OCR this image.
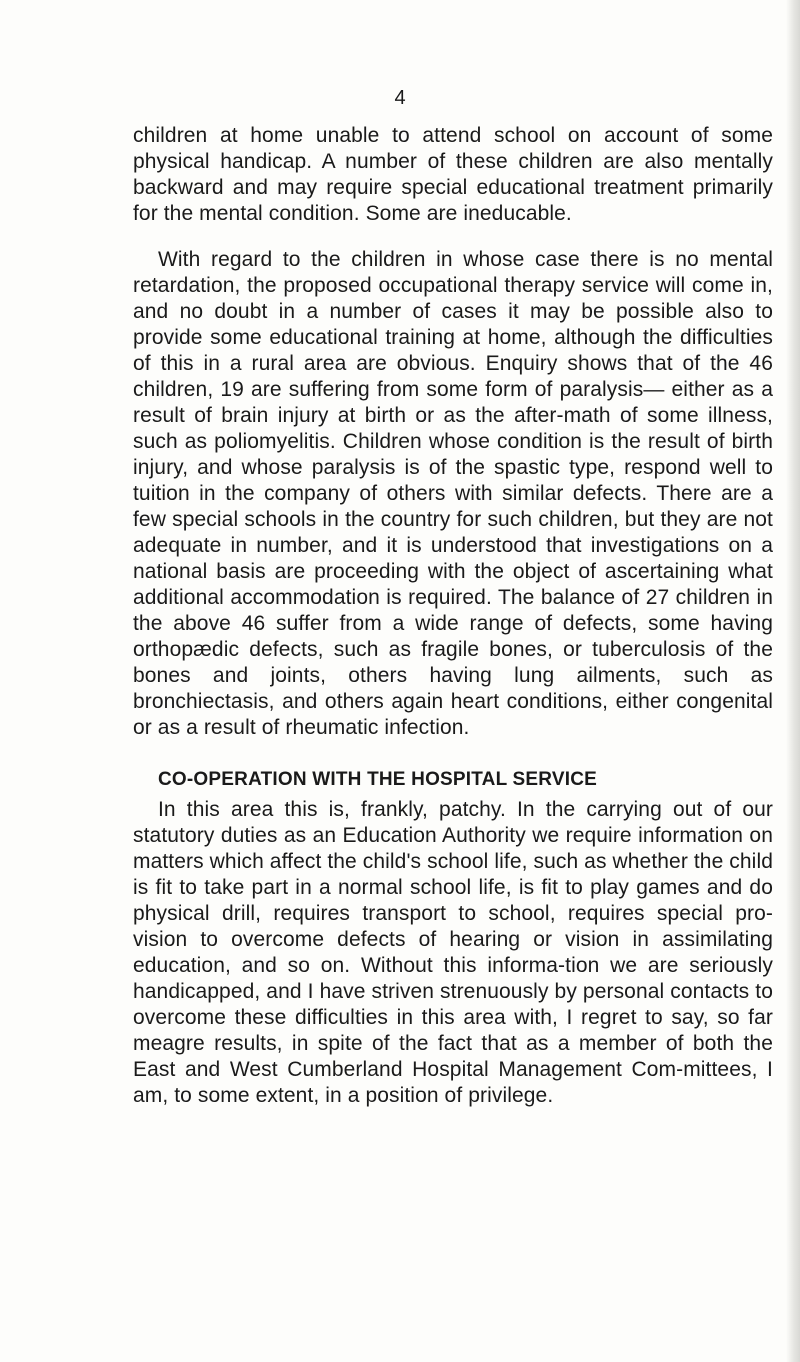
4

children at home unable to attend school on account of some physical handicap. A number of these children are also mentally backward and may require special educational treatment primarily for the mental condition. Some are ineducable.

With regard to the children in whose case there is no mental retardation, the proposed occupational therapy service will come in, and no doubt in a number of cases it may be possible also to provide some educational training at home, although the difficulties of this in a rural area are obvious. Enquiry shows that of the 46 children, 19 are suffering from some form of paralysis— either as a result of brain injury at birth or as the after-math of some illness, such as poliomyelitis. Children whose condition is the result of birth injury, and whose paralysis is of the spastic type, respond well to tuition in the company of others with similar defects. There are a few special schools in the country for such children, but they are not adequate in number, and it is understood that investigations on a national basis are proceeding with the object of ascertaining what additional accommodation is required. The balance of 27 children in the above 46 suffer from a wide range of defects, some having orthopædic defects, such as fragile bones, or tuberculosis of the bones and joints, others having lung ailments, such as bronchiectasis, and others again heart conditions, either congenital or as a result of rheumatic infection.

CO-OPERATION WITH THE HOSPITAL SERVICE

In this area this is, frankly, patchy. In the carrying out of our statutory duties as an Education Authority we require information on matters which affect the child's school life, such as whether the child is fit to take part in a normal school life, is fit to play games and do physical drill, requires transport to school, requires special pro-vision to overcome defects of hearing or vision in assimilating education, and so on. Without this informa-tion we are seriously handicapped, and I have striven strenuously by personal contacts to overcome these difficulties in this area with, I regret to say, so far meagre results, in spite of the fact that as a member of both the East and West Cumberland Hospital Management Com-mittees, I am, to some extent, in a position of privilege.
